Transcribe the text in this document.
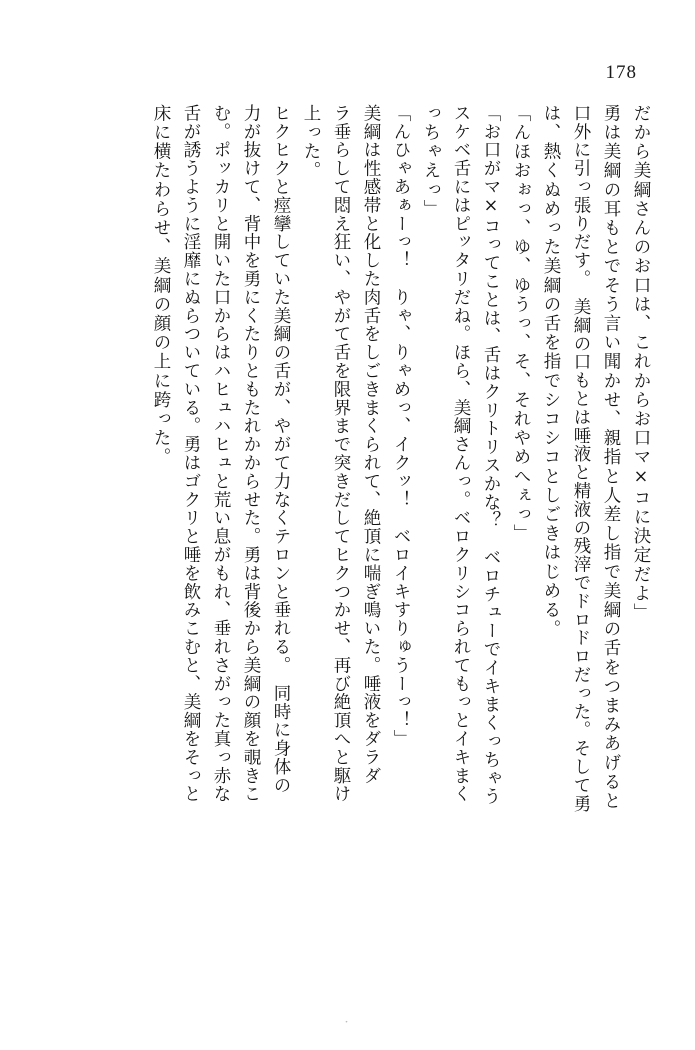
178
だから美綱さんのお口は、これからお口マ×コに決定だよ」
勇は美綱の耳もとでそう言い聞かせ、親指と人差し指で美綱の舌をつまみあげると
口外に引っ張りだす。　美綱の口もとは唾液と精液の残滓でドロドロだった。そして勇
は、熱くぬめった美綱の舌を指でシコシコとしごきはじめる。
「んほおぉっ、ゆ、ゆうっ、そ、それやめへぇっ」
「お口がマ×コってことは、舌はクリトリスかな？　ベロチューでイキまくっちゃう
スケベ舌にはピッタリだね。ほら、美綱さんっ。ベロクリシコられてもっとイキまく
っちゃえっ」
「んひゃあぁーっ！　りゃ、りゃめっ、イクッ！　ベロイキすりゅうーっ！」
美綱は性感帯と化した肉舌をしごきまくられて、絶頂に喘ぎ鳴いた。唾液をダラダ
ラ垂らして悶え狂い、やがて舌を限界まで突きだしてヒクつかせ、再び絶頂へと駆け
上った。
ヒクヒクと痙攣していた美綱の舌が、やがて力なくテロンと垂れる。　同時に身体の
力が抜けて、背中を勇にくたりともたれかからせた。勇は背後から美綱の顔を覗きこ
む。ポッカリと開いた口からはハヒュハヒュと荒い息がもれ、垂れさがった真っ赤な
舌が誘うように淫靡にぬらついている。勇はゴクリと唾を飲みこむと、美綱をそっと
床に横たわらせ、美綱の顔の上に跨った。
・
